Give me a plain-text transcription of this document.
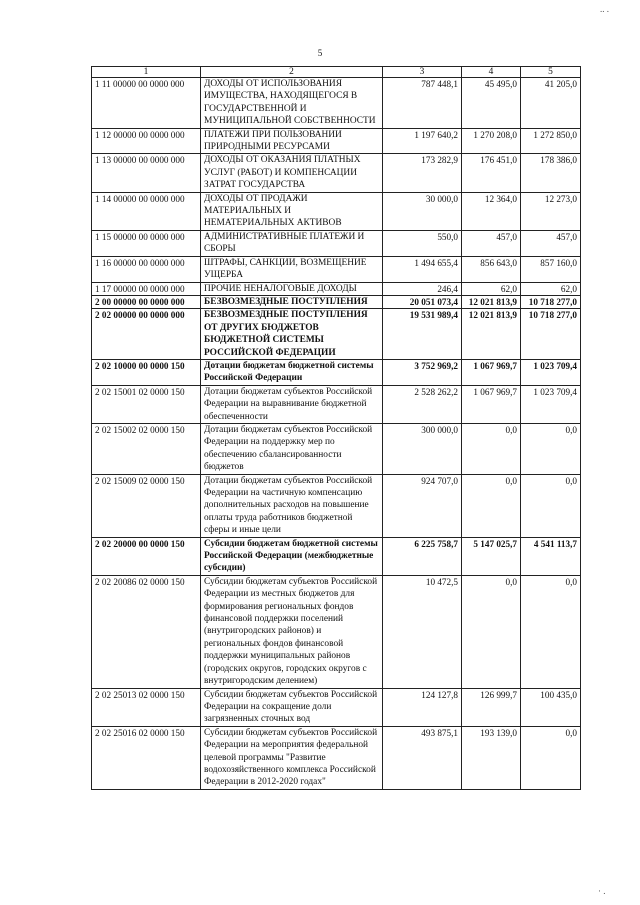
5
.. .
· .
1	2	3	4	5
1 11 00000 00 0000 000	ДОХОДЫ ОТ ИСПОЛЬЗОВАНИЯ ИМУЩЕСТВА, НАХОДЯЩЕГОСЯ В ГОСУДАРСТВЕННОЙ И МУНИЦИПАЛЬНОЙ СОБСТВЕННОСТИ	787 448,1	45 495,0	41 205,0
1 12 00000 00 0000 000	ПЛАТЕЖИ ПРИ ПОЛЬЗОВАНИИ ПРИРОДНЫМИ РЕСУРСАМИ	1 197 640,2	1 270 208,0	1 272 850,0
1 13 00000 00 0000 000	ДОХОДЫ ОТ ОКАЗАНИЯ ПЛАТНЫХ УСЛУГ (РАБОТ) И КОМПЕНСАЦИИ ЗАТРАТ ГОСУДАРСТВА	173 282,9	176 451,0	178 386,0
1 14 00000 00 0000 000	ДОХОДЫ ОТ ПРОДАЖИ МАТЕРИАЛЬНЫХ И НЕМАТЕРИАЛЬНЫХ АКТИВОВ	30 000,0	12 364,0	12 273,0
1 15 00000 00 0000 000	АДМИНИСТРАТИВНЫЕ ПЛАТЕЖИ И СБОРЫ	550,0	457,0	457,0
1 16 00000 00 0000 000	ШТРАФЫ, САНКЦИИ, ВОЗМЕЩЕНИЕ УЩЕРБА	1 494 655,4	856 643,0	857 160,0
1 17 00000 00 0000 000	ПРОЧИЕ НЕНАЛОГОВЫЕ ДОХОДЫ	246,4	62,0	62,0
2 00 00000 00 0000 000	БЕЗВОЗМЕЗДНЫЕ ПОСТУПЛЕНИЯ	20 051 073,4	12 021 813,9	10 718 277,0
2 02 00000 00 0000 000	БЕЗВОЗМЕЗДНЫЕ ПОСТУПЛЕНИЯ ОТ ДРУГИХ БЮДЖЕТОВ БЮДЖЕТНОЙ СИСТЕМЫ РОССИЙСКОЙ ФЕДЕРАЦИИ	19 531 989,4	12 021 813,9	10 718 277,0
2 02 10000 00 0000 150	Дотации бюджетам бюджетной системы Российской Федерации	3 752 969,2	1 067 969,7	1 023 709,4
2 02 15001 02 0000 150	Дотации бюджетам субъектов Российской Федерации на выравнивание бюджетной обеспеченности	2 528 262,2	1 067 969,7	1 023 709,4
2 02 15002 02 0000 150	Дотации бюджетам субъектов Российской Федерации на поддержку мер по обеспечению сбалансированности бюджетов	300 000,0	0,0	0,0
2 02 15009 02 0000 150	Дотации бюджетам субъектов Российской Федерации на частичную компенсацию дополнительных расходов на повышение оплаты труда работников бюджетной сферы и иные цели	924 707,0	0,0	0,0
2 02 20000 00 0000 150	Субсидии бюджетам бюджетной системы Российской Федерации (межбюджетные субсидии)	6 225 758,7	5 147 025,7	4 541 113,7
2 02 20086 02 0000 150	Субсидии бюджетам субъектов Российской Федерации из местных бюджетов для формирования региональных фондов финансовой поддержки поселений (внутригородских районов) и региональных фондов финансовой поддержки муниципальных районов (городских округов, городских округов с внутригородским делением)	10 472,5	0,0	0,0
2 02 25013 02 0000 150	Субсидии бюджетам субъектов Российской Федерации на сокращение доли загрязненных сточных вод	124 127,8	126 999,7	100 435,0
2 02 25016 02 0000 150	Субсидии бюджетам субъектов Российской Федерации на мероприятия федеральной целевой программы "Развитие водохозяйственного комплекса Российской Федерации в 2012-2020 годах"	493 875,1	193 139,0	0,0
